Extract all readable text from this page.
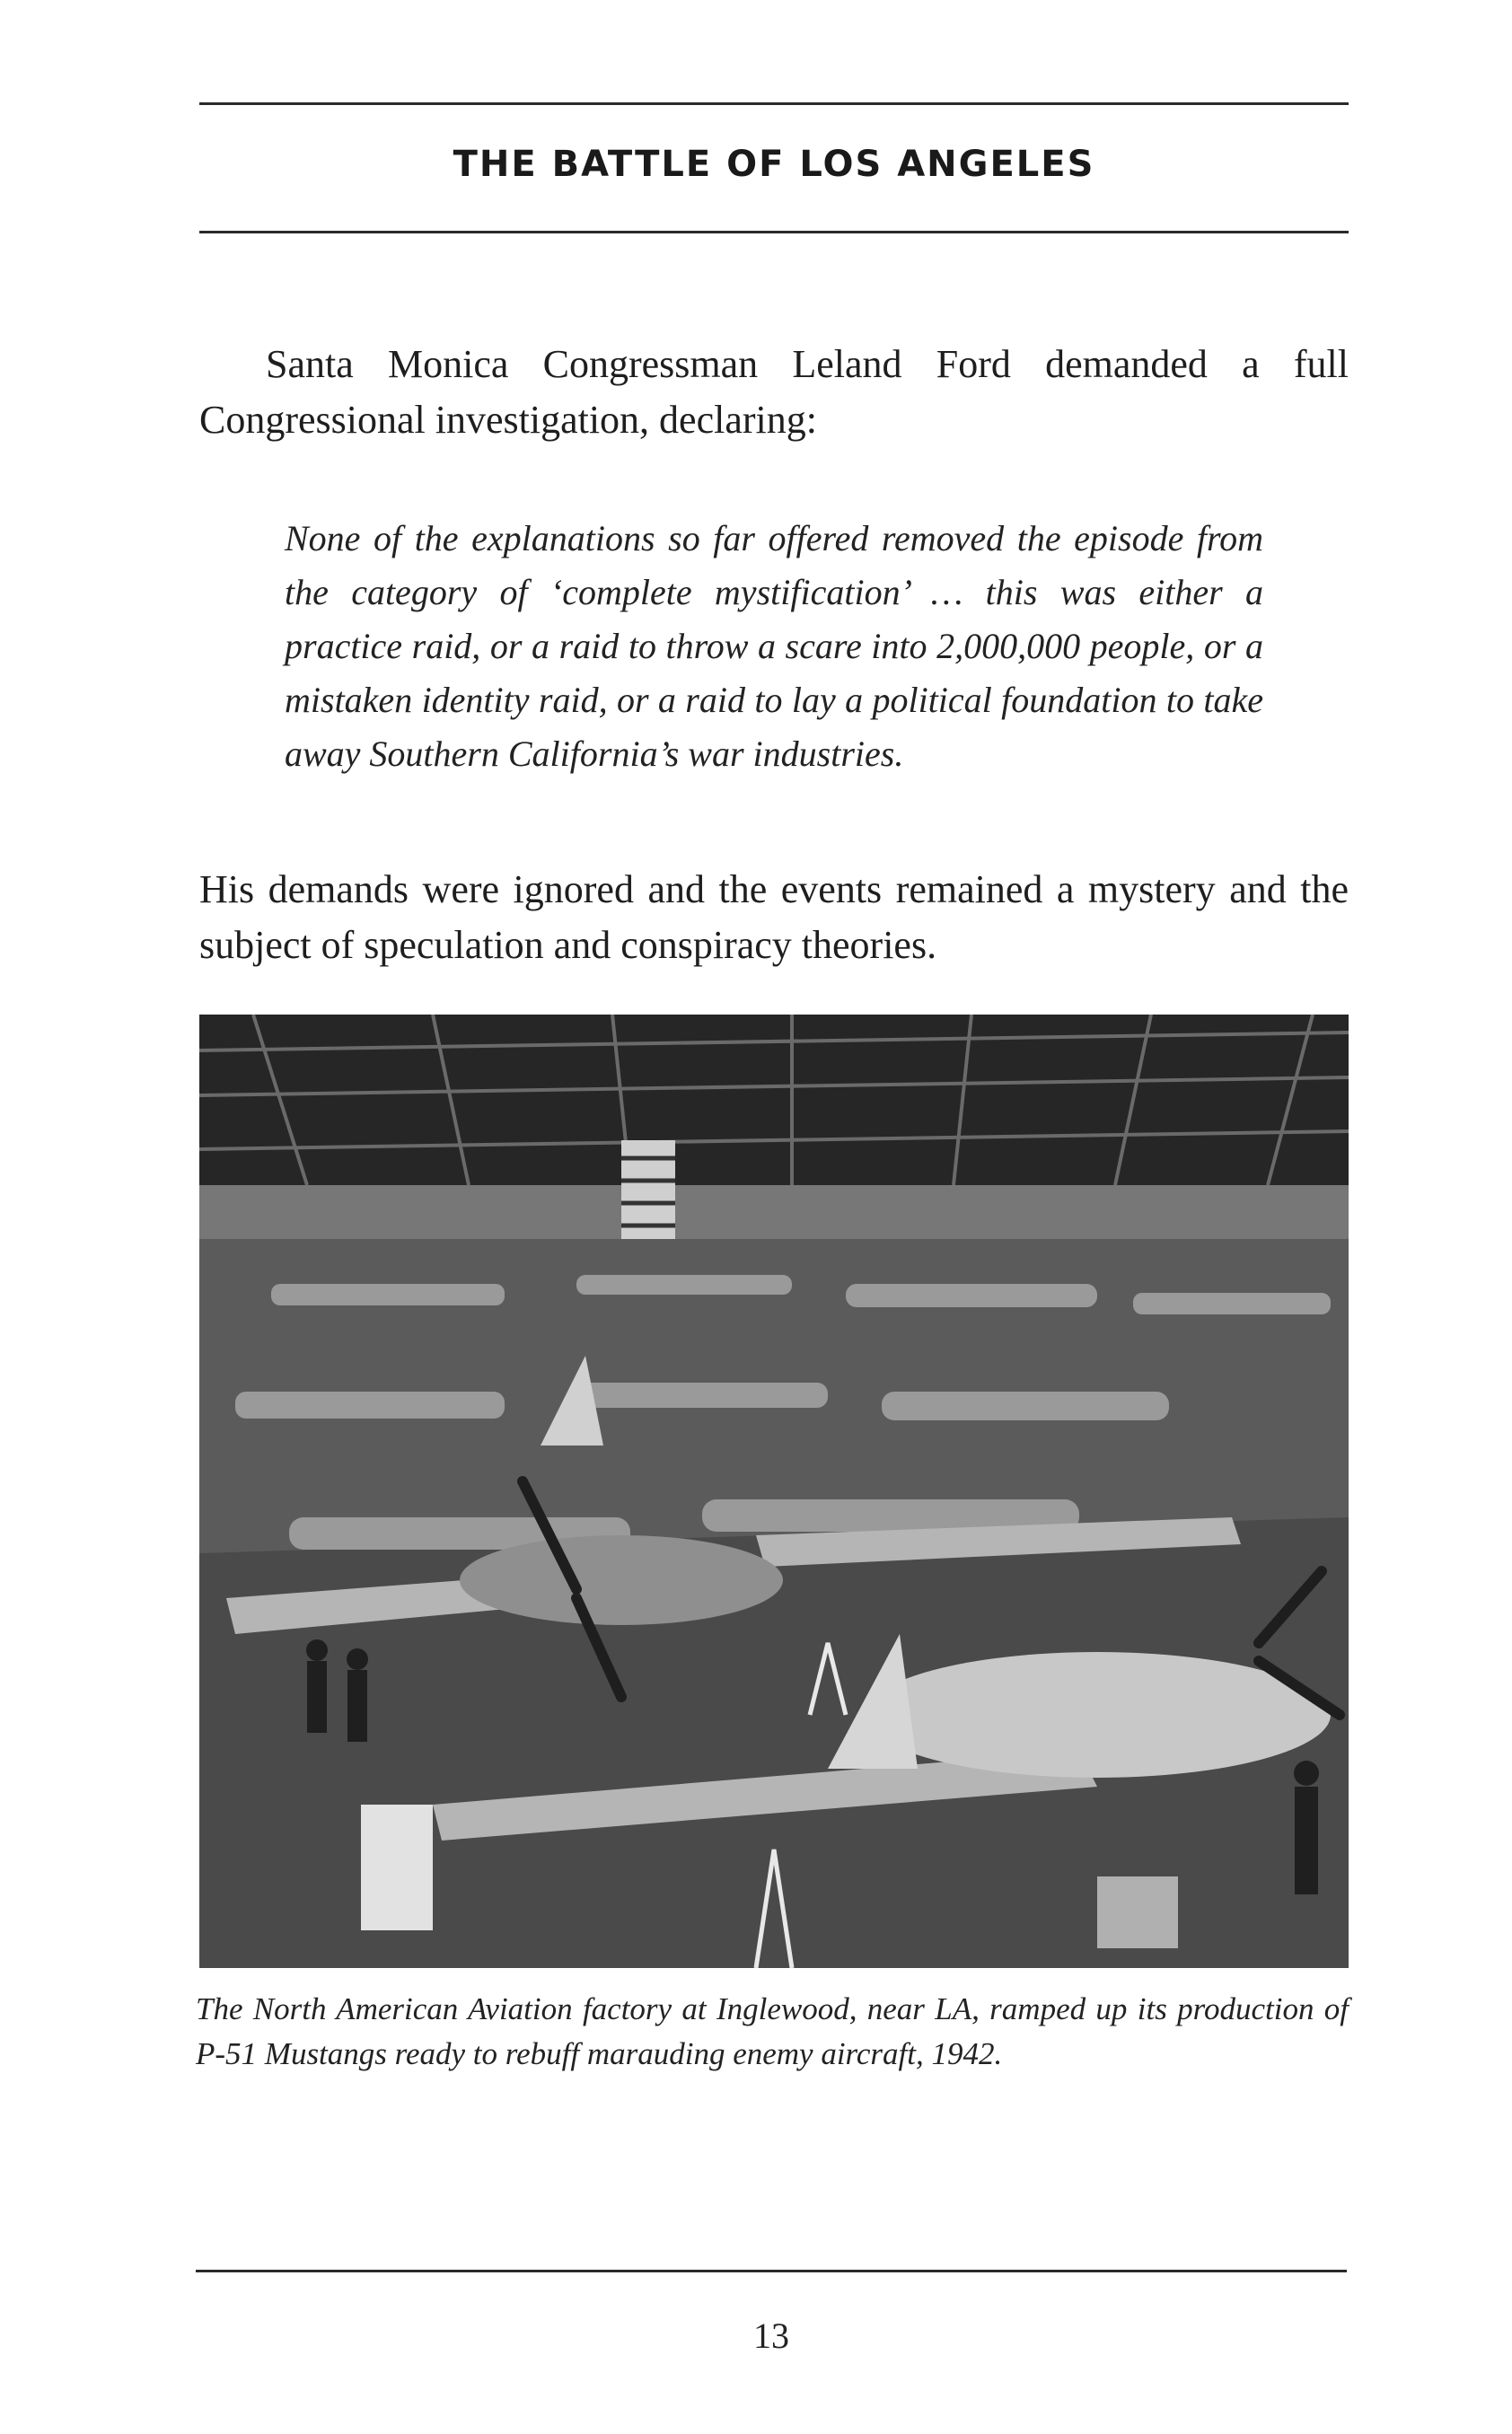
THE BATTLE OF LOS ANGELES

Santa Monica Congressman Leland Ford demanded a full Congressional investigation, declaring:

None of the explanations so far offered removed the episode from the category of ‘complete mystification’ … this was either a practice raid, or a raid to throw a scare into 2,000,000 people, or a mistaken identity raid, or a raid to lay a political foundation to take away Southern California’s war industries.

His demands were ignored and the events remained a mystery and the subject of speculation and conspiracy theories.

The North American Aviation factory at Inglewood, near LA, ramped up its production of P-51 Mustangs ready to rebuff marauding enemy aircraft, 1942.

13
